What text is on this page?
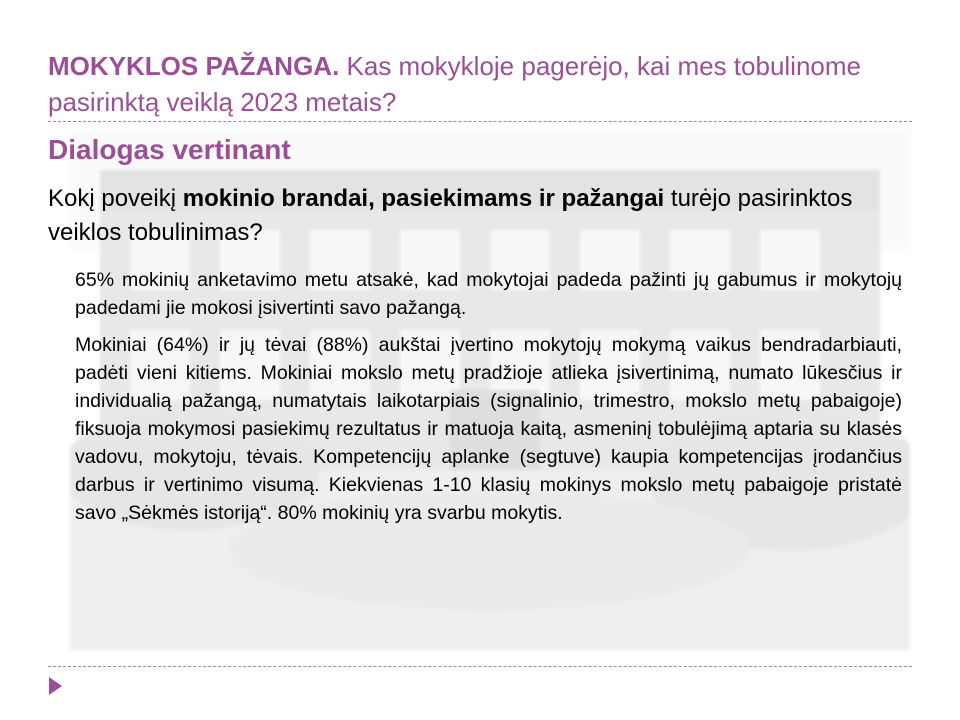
MOKYKLOS PAŽANGA. Kas mokykloje pagerėjo, kai mes tobulinome pasirinktą veiklą 2023 metais?
Dialogas vertinant
Kokį poveikį mokinio brandai, pasiekimams ir pažangai turėjo pasirinktos veiklos tobulinimas?

65% mokinių anketavimo metu atsakė, kad mokytojai padeda pažinti jų gabumus ir mokytojų padedami jie mokosi įsivertinti savo pažangą.

Mokiniai (64%) ir jų tėvai (88%) aukštai įvertino mokytojų mokymą vaikus bendradarbiauti, padėti vieni kitiems. Mokiniai mokslo metų pradžioje atlieka įsivertinimą, numato lūkesčius ir individualią pažangą, numatytais laikotarpiais (signalinio, trimestro, mokslo metų pabaigoje) fiksuoja mokymosi pasiekimų rezultatus ir matuoja kaitą, asmeninį tobulėjimą aptaria su klasės vadovu, mokytoju, tėvais. Kompetencijų aplanke (segtuve) kaupia kompetencijas įrodančius darbus ir vertinimo visumą. Kiekvienas 1-10 klasių mokinys mokslo metų pabaigoje pristatė savo „Sėkmės istoriją“. 80% mokinių yra svarbu mokytis.
